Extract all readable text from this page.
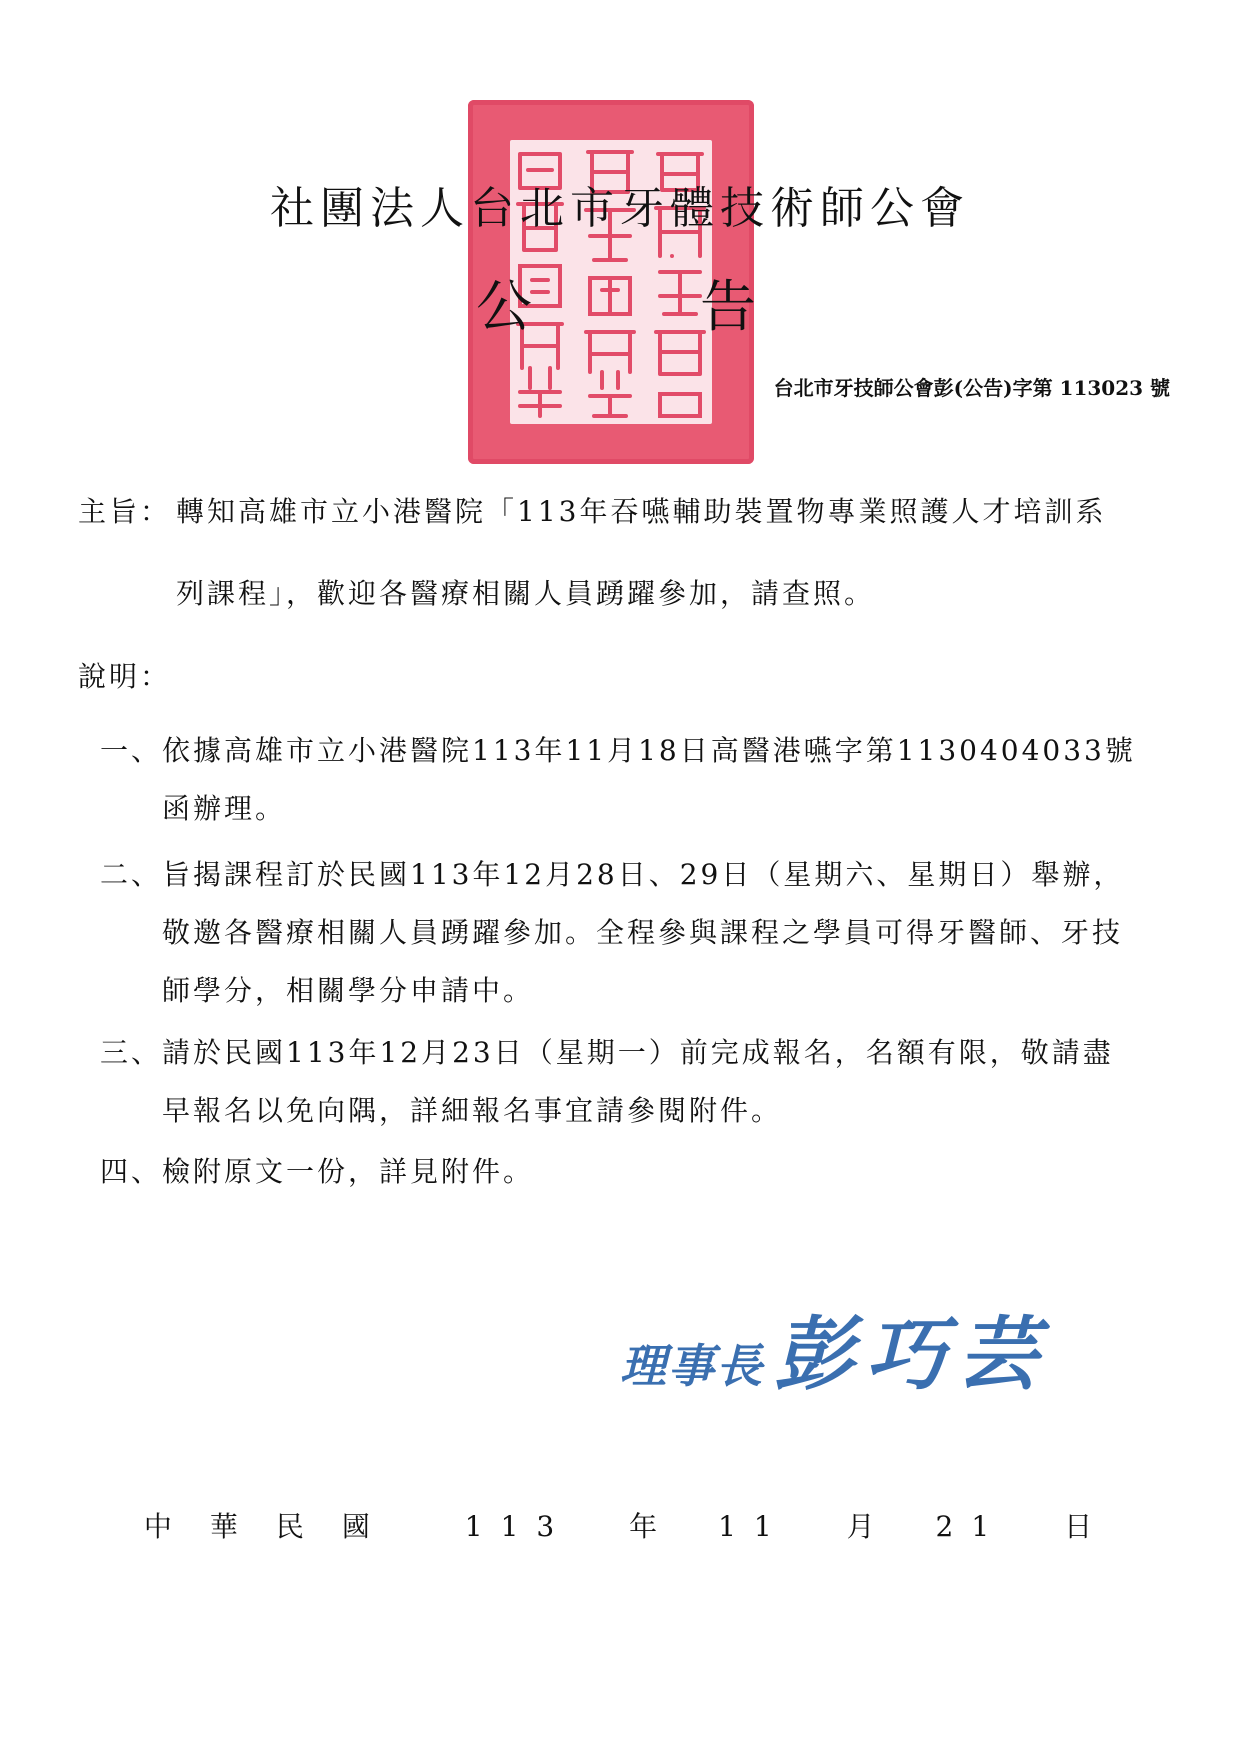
社團法人台北市牙體技術師公會
公	告
台北市牙技師公會彭(公告)字第 113023 號
主旨： 轉知高雄市立小港醫院「113年吞嚥輔助裝置物專業照護人才培訓系
列課程」，歡迎各醫療相關人員踴躍參加，請查照。
說明：
一、依據高雄市立小港醫院113年11月18日高醫港嚥字第1130404033號函辦理。
二、旨揭課程訂於民國113年12月28日、29日（星期六、星期日）舉辦，敬邀各醫療相關人員踴躍參加。全程參與課程之學員可得牙醫師、牙技師學分，相關學分申請中。
三、請於民國113年12月23日（星期一）前完成報名，名額有限，敬請盡早報名以免向隅，詳細報名事宜請參閱附件。
四、檢附原文一份，詳見附件。
理事長 彭巧芸
中華民國 113 年 11 月 21 日
